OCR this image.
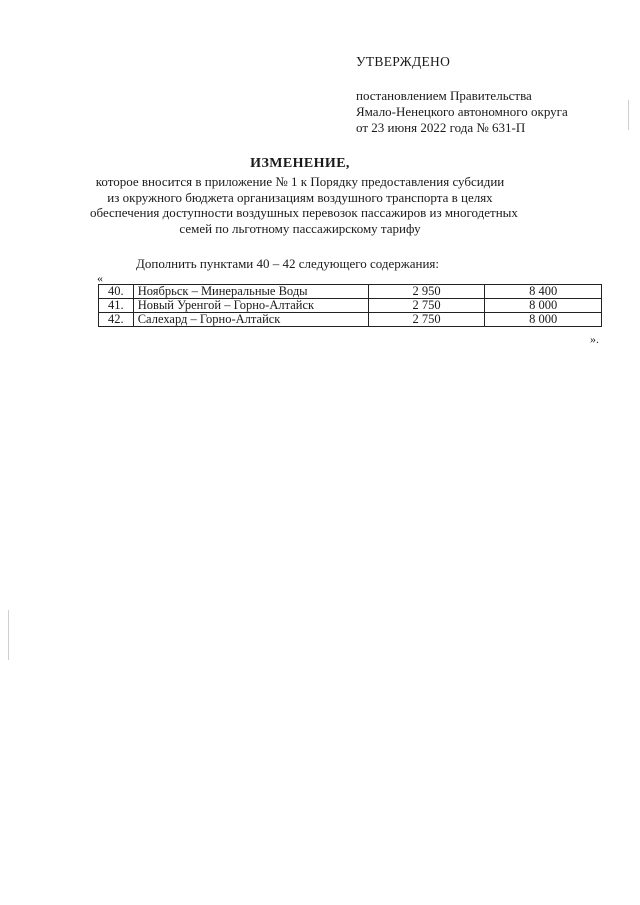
УТВЕРЖДЕНО
постановлением Правительства
Ямало-Ненецкого автономного округа
от 23 июня 2022 года № 631-П
ИЗМЕНЕНИЕ,
которое вносится в приложение № 1 к Порядку предоставления субсидии
из окружного бюджета организациям воздушного транспорта в целях
обеспечения доступности воздушных перевозок пассажиров из многодетных
семей по льготному пассажирскому тарифу
Дополнить пунктами 40 – 42 следующего содержания:
«
40.	Ноябрьск – Минеральные Воды	2 950	8 400
41.	Новый Уренгой – Горно-Алтайск	2 750	8 000
42.	Салехард – Горно-Алтайск	2 750	8 000
».
